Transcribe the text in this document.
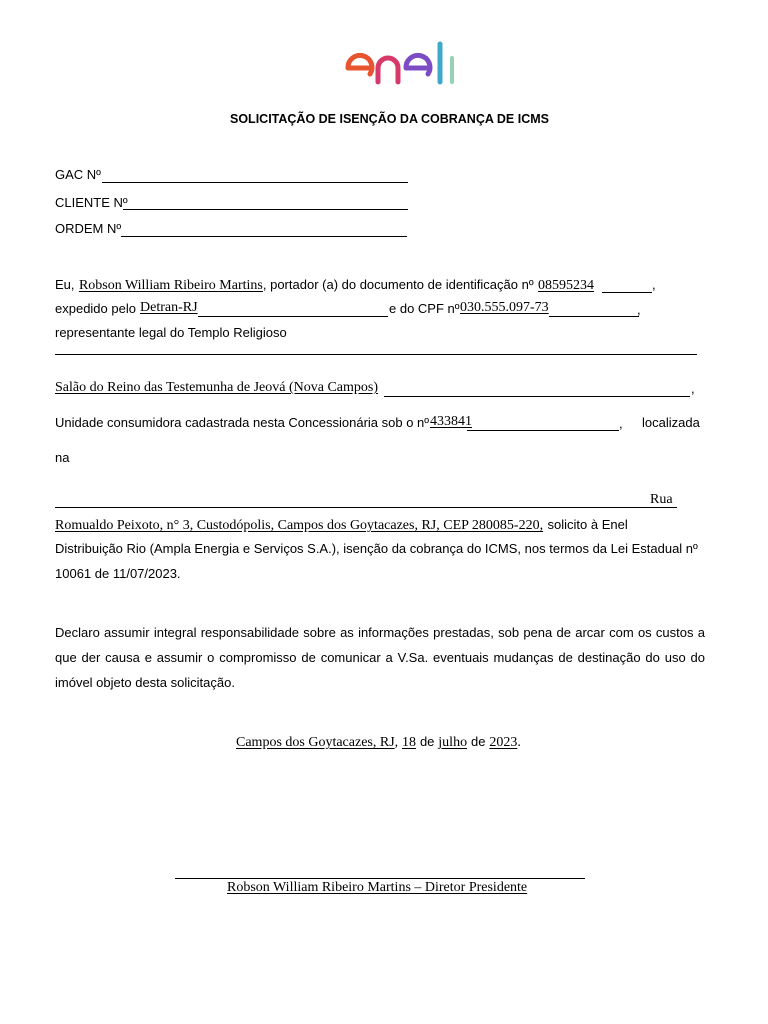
SOLICITAÇÃO DE ISENÇÃO DA COBRANÇA DE ICMS
GAC Nº
CLIENTE Nº
ORDEM Nº
Eu, Robson William Ribeiro Martins, portador (a) do documento de identificação nº 08595234	,
expedido pelo Detran-RJ	e do CPF nº 030.555.097-73	,
representante legal do Templo Religioso
Salão do Reino das Testemunha de Jeová (Nova Campos)	,
Unidade consumidora cadastrada nesta Concessionária sob o nº 433841	, localizada
na
Rua
Romualdo Peixoto, n° 3, Custodópolis, Campos dos Goytacazes, RJ, CEP 280085-220, solicito à Enel
Distribuição Rio (Ampla Energia e Serviços S.A.), isenção da cobrança do ICMS, nos termos da Lei Estadual nº
10061 de 11/07/2023.
Declaro assumir integral responsabilidade sobre as informações prestadas, sob pena de arcar com os custos a que der causa e assumir o compromisso de comunicar a V.Sa. eventuais mudanças de destinação do uso do imóvel objeto desta solicitação.
Campos dos Goytacazes, RJ, 18 de julho de 2023.
Robson William Ribeiro Martins – Diretor Presidente
